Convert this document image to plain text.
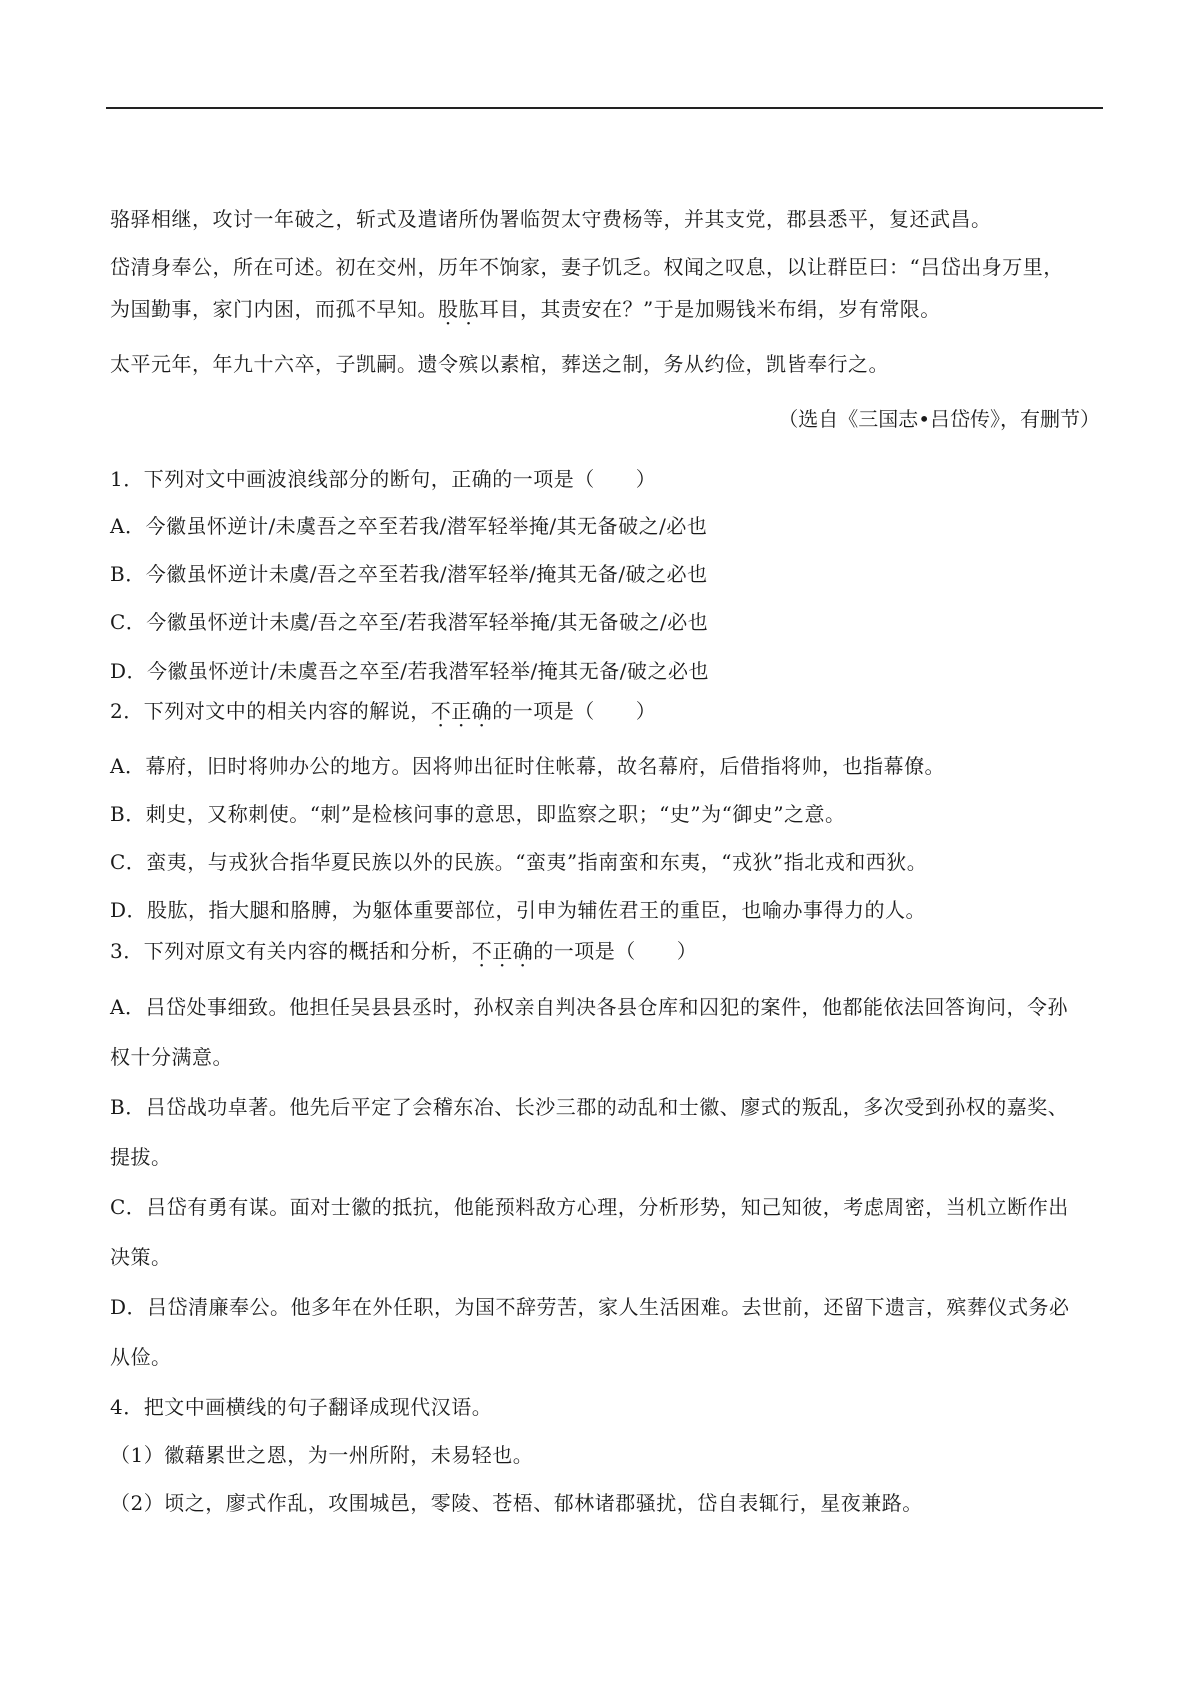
骆驿相继，攻讨一年破之，斩式及遣诸所伪署临贺太守费杨等，并其支党，郡县悉平，复还武昌。
岱清身奉公，所在可述。初在交州，历年不饷家，妻子饥乏。权闻之叹息，以让群臣曰：“吕岱出身万里，
为国勤事，家门内困，而孤不早知。股肱耳目，其责安在？”于是加赐钱米布绢，岁有常限。
太平元年，年九十六卒，子凯嗣。遗令殡以素棺，葬送之制，务从约俭，凯皆奉行之。
（选自《三国志•吕岱传》，有删节）
1．下列对文中画波浪线部分的断句，正确的一项是（　　）
A．今徽虽怀逆计/未虞吾之卒至若我/潜军轻举掩/其无备破之/必也
B．今徽虽怀逆计未虞/吾之卒至若我/潜军轻举/掩其无备/破之必也
C．今徽虽怀逆计未虞/吾之卒至/若我潜军轻举掩/其无备破之/必也
D．今徽虽怀逆计/未虞吾之卒至/若我潜军轻举/掩其无备/破之必也
2．下列对文中的相关内容的解说，不正确的一项是（　　）
A．幕府，旧时将帅办公的地方。因将帅出征时住帐幕，故名幕府，后借指将帅，也指幕僚。
B．刺史，又称刺使。“刺”是检核问事的意思，即监察之职；“史”为“御史”之意。
C．蛮夷，与戎狄合指华夏民族以外的民族。“蛮夷”指南蛮和东夷，“戎狄”指北戎和西狄。
D．股肱，指大腿和胳膊，为躯体重要部位，引申为辅佐君王的重臣，也喻办事得力的人。
3．下列对原文有关内容的概括和分析，不正确的一项是（　　）
A．吕岱处事细致。他担任吴县县丞时，孙权亲自判决各县仓库和囚犯的案件，他都能依法回答询问，令孙
权十分满意。
B．吕岱战功卓著。他先后平定了会稽东冶、长沙三郡的动乱和士徽、廖式的叛乱，多次受到孙权的嘉奖、
提拔。
C．吕岱有勇有谋。面对士徽的抵抗，他能预料敌方心理，分析形势，知己知彼，考虑周密，当机立断作出
决策。
D．吕岱清廉奉公。他多年在外任职，为国不辞劳苦，家人生活困难。去世前，还留下遗言，殡葬仪式务必
从俭。
4．把文中画横线的句子翻译成现代汉语。
（1）徽藉累世之恩，为一州所附，未易轻也。
（2）顷之，廖式作乱，攻围城邑，零陵、苍梧、郁林诸郡骚扰，岱自表辄行，星夜兼路。
